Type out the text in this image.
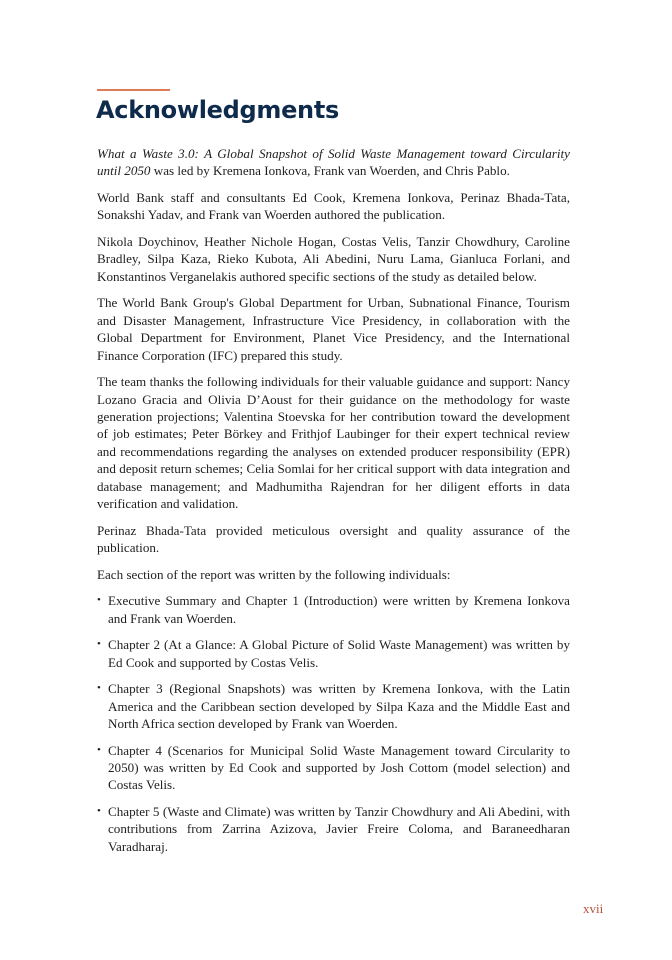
Acknowledgments

What a Waste 3.0: A Global Snapshot of Solid Waste Management toward Circularity until 2050 was led by Kremena Ionkova, Frank van Woerden, and Chris Pablo.

World Bank staff and consultants Ed Cook, Kremena Ionkova, Perinaz Bhada-Tata, Sonakshi Yadav, and Frank van Woerden authored the publication.

Nikola Doychinov, Heather Nichole Hogan, Costas Velis, Tanzir Chowdhury, Caroline Bradley, Silpa Kaza, Rieko Kubota, Ali Abedini, Nuru Lama, Gianluca Forlani, and Konstantinos Verganelakis authored specific sections of the study as detailed below.

The World Bank Group's Global Department for Urban, Subnational Finance, Tourism and Disaster Management, Infrastructure Vice Presidency, in collaboration with the Global Department for Environment, Planet Vice Presidency, and the International Finance Corporation (IFC) prepared this study.

The team thanks the following individuals for their valuable guidance and support: Nancy Lozano Gracia and Olivia D’Aoust for their guidance on the methodology for waste generation projections; Valentina Stoevska for her contribution toward the development of job estimates; Peter Börkey and Frithjof Laubinger for their expert technical review and recommendations regarding the analyses on extended producer responsibility (EPR) and deposit return schemes; Celia Somlai for her critical support with data integration and database management; and Madhumitha Rajendran for her diligent efforts in data verification and validation.

Perinaz Bhada-Tata provided meticulous oversight and quality assurance of the publication.

Each section of the report was written by the following individuals:

• Executive Summary and Chapter 1 (Introduction) were written by Kremena Ionkova and Frank van Woerden.
• Chapter 2 (At a Glance: A Global Picture of Solid Waste Management) was written by Ed Cook and supported by Costas Velis.
• Chapter 3 (Regional Snapshots) was written by Kremena Ionkova, with the Latin America and the Caribbean section developed by Silpa Kaza and the Middle East and North Africa section developed by Frank van Woerden.
• Chapter 4 (Scenarios for Municipal Solid Waste Management toward Circularity to 2050) was written by Ed Cook and supported by Josh Cottom (model selection) and Costas Velis.
• Chapter 5 (Waste and Climate) was written by Tanzir Chowdhury and Ali Abedini, with contributions from Zarrina Azizova, Javier Freire Coloma, and Baraneedharan Varadharaj.
xvii
